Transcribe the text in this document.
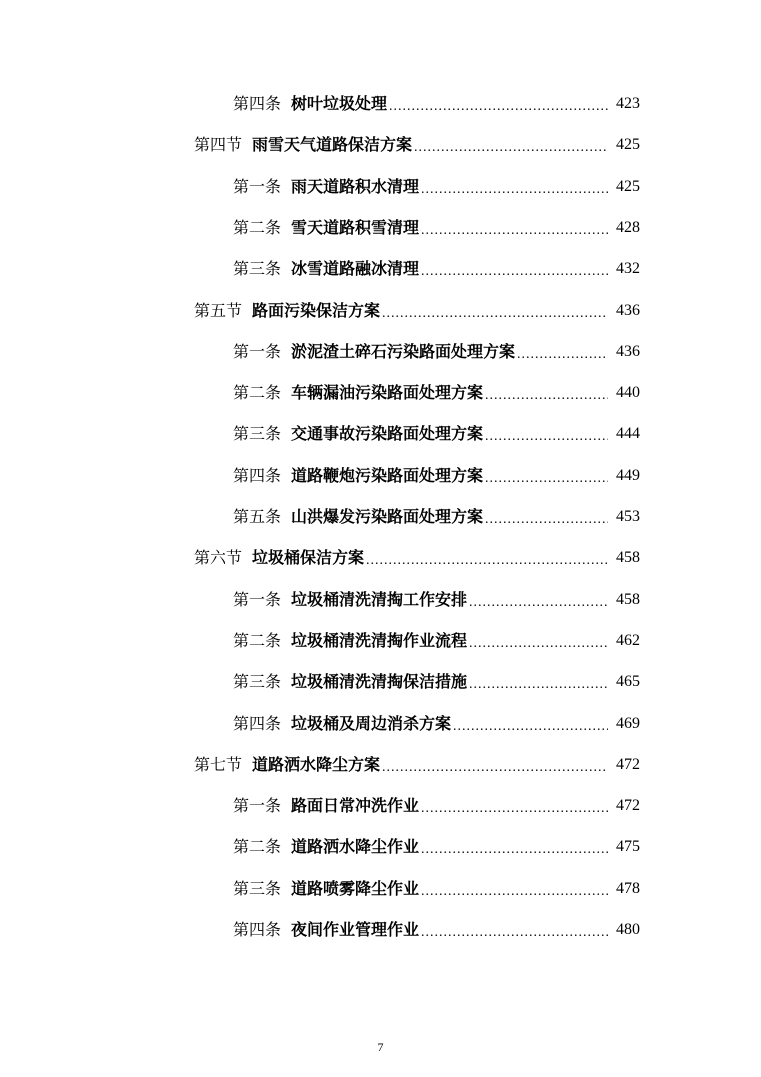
第四条 树叶垃圾处理 .....	423
第四节 雨雪天气道路保洁方案 .....	425
第一条 雨天道路积水清理 .....	425
第二条 雪天道路积雪清理 .....	428
第三条 冰雪道路融冰清理 .....	432
第五节 路面污染保洁方案 .....	436
第一条 淤泥渣土碎石污染路面处理方案 .....	436
第二条 车辆漏油污染路面处理方案 .....	440
第三条 交通事故污染路面处理方案 .....	444
第四条 道路鞭炮污染路面处理方案 .....	449
第五条 山洪爆发污染路面处理方案 .....	453
第六节 垃圾桶保洁方案 .....	458
第一条 垃圾桶清洗清掏工作安排 .....	458
第二条 垃圾桶清洗清掏作业流程 .....	462
第三条 垃圾桶清洗清掏保洁措施 .....	465
第四条 垃圾桶及周边消杀方案 .....	469
第七节 道路洒水降尘方案 .....	472
第一条 路面日常冲洗作业 .....	472
第二条 道路洒水降尘作业 .....	475
第三条 道路喷雾降尘作业 .....	478
第四条 夜间作业管理作业 .....	480
7
